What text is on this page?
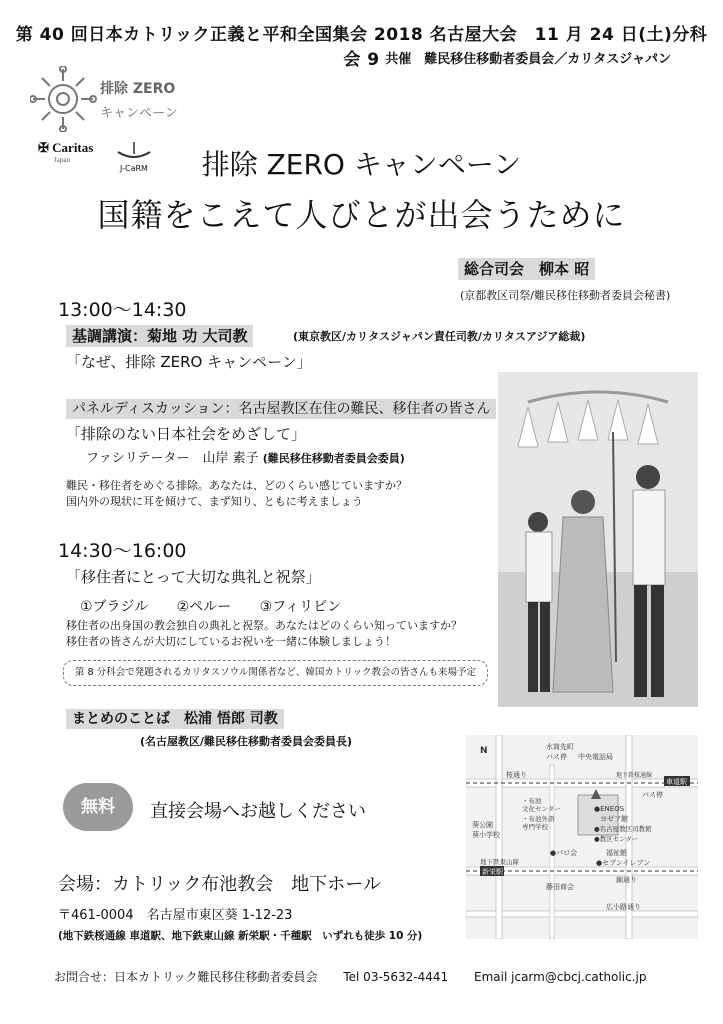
第 40 回日本カトリック正義と平和全国集会 2018 名古屋大会　11 月 24 日(土)分科会 9 共催　難民移住移動者委員会／カリタスジャパン
排除 ZERO
キャンペーン
✠ Caritas
Japan
J-CaRM	排除 ZERO キャンペーン
国籍をこえて人びとが出会うために
総合司会　柳本 昭
(京都教区司祭/難民移住移動者委員会秘書)
13:00～14:30
基調講演：菊地 功 大司教	(東京教区/カリタスジャパン責任司教/カリタスアジア総裁)
「なぜ、排除 ZERO キャンペーン」
パネルディスカッション：名古屋教区在住の難民、移住者の皆さん
「排除のない日本社会をめざして」
ファシリテーター　山岸 素子 (難民移住移動者委員会委員)
難民・移住者をめぐる排除。あなたは、どのくらい感じていますか？
国内外の現状に耳を傾けて、まず知り、ともに考えましょう
14:30～16:00
「移住者にとって大切な典礼と祝祭」
①ブラジル ②ペルー ③フィリピン
移住者の出身国の教会独自の典礼と祝祭。あなたはどのくらい知っていますか？
移住者の皆さんが大切にしているお祝いを一緒に体験しましょう！
第 8 分科会で発題されるカリタスソウル関係者など、韓国カトリック教会の皆さんも来場予定
まとめのことば　松浦 悟郎 司教
(名古屋教区/難民移住移動者委員会委員長)
桜通り
水筒先町
バス停 中央電話局
地下鉄桜通線
車道駅
バス停
・布池
文化センター
・布池外語
専門学校
●ENEOS
ヨゼフ館
●名古屋教区司教館
●教区センター
葵公園
葵小学校
福祉館
●パロ会
●セブンイレブン
地下鉄東山線
新栄駅
錦通り
藤田商会
広小路通り
N
無料	直接会場へお越しください
会場：カトリック布池教会　地下ホール
〒461-0004　名古屋市東区葵 1-12-23
(地下鉄桜通線 車道駅、地下鉄東山線 新栄駅・千種駅　いずれも徒歩 10 分)
お問合せ：日本カトリック難民移住移動者委員会 Tel 03-5632-4441 Email jcarm@cbcj.catholic.jp
